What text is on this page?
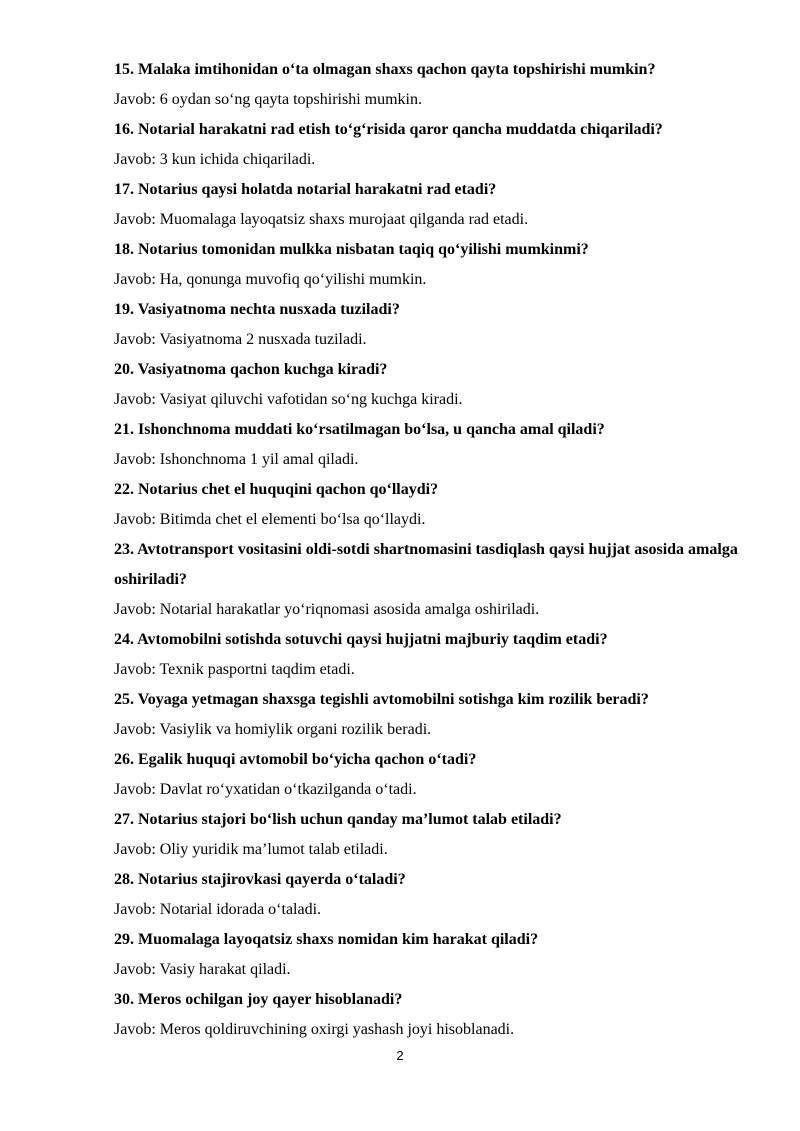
15. Malaka imtihonidan o‘ta olmagan shaxs qachon qayta topshirishi mumkin?

Javob: 6 oydan so‘ng qayta topshirishi mumkin.

16. Notarial harakatni rad etish to‘g‘risida qaror qancha muddatda chiqariladi?

Javob: 3 kun ichida chiqariladi.

17. Notarius qaysi holatda notarial harakatni rad etadi?

Javob: Muomalaga layoqatsiz shaxs murojaat qilganda rad etadi.

18. Notarius tomonidan mulkka nisbatan taqiq qo‘yilishi mumkinmi?

Javob: Ha, qonunga muvofiq qo‘yilishi mumkin.

19. Vasiyatnoma nechta nusxada tuziladi?

Javob: Vasiyatnoma 2 nusxada tuziladi.

20. Vasiyatnoma qachon kuchga kiradi?

Javob: Vasiyat qiluvchi vafotidan so‘ng kuchga kiradi.

21. Ishonchnoma muddati ko‘rsatilmagan bo‘lsa, u qancha amal qiladi?

Javob: Ishonchnoma 1 yil amal qiladi.

22. Notarius chet el huquqini qachon qo‘llaydi?

Javob: Bitimda chet el elementi bo‘lsa qo‘llaydi.

23. Avtotransport vositasini oldi-sotdi shartnomasini tasdiqlash qaysi hujjat asosida amalga oshiriladi?

Javob: Notarial harakatlar yo‘riqnomasi asosida amalga oshiriladi.

24. Avtomobilni sotishda sotuvchi qaysi hujjatni majburiy taqdim etadi?

Javob: Texnik pasportni taqdim etadi.

25. Voyaga yetmagan shaxsga tegishli avtomobilni sotishga kim rozilik beradi?

Javob: Vasiylik va homiylik organi rozilik beradi.

26. Egalik huquqi avtomobil bo‘yicha qachon o‘tadi?

Javob: Davlat ro‘yxatidan o‘tkazilganda o‘tadi.

27. Notarius stajori bo‘lish uchun qanday ma’lumot talab etiladi?

Javob: Oliy yuridik ma’lumot talab etiladi.

28. Notarius stajirovkasi qayerda o‘taladi?

Javob: Notarial idorada o‘taladi.

29. Muomalaga layoqatsiz shaxs nomidan kim harakat qiladi?

Javob: Vasiy harakat qiladi.

30. Meros ochilgan joy qayer hisoblanadi?

Javob: Meros qoldiruvchining oxirgi yashash joyi hisoblanadi.

2
